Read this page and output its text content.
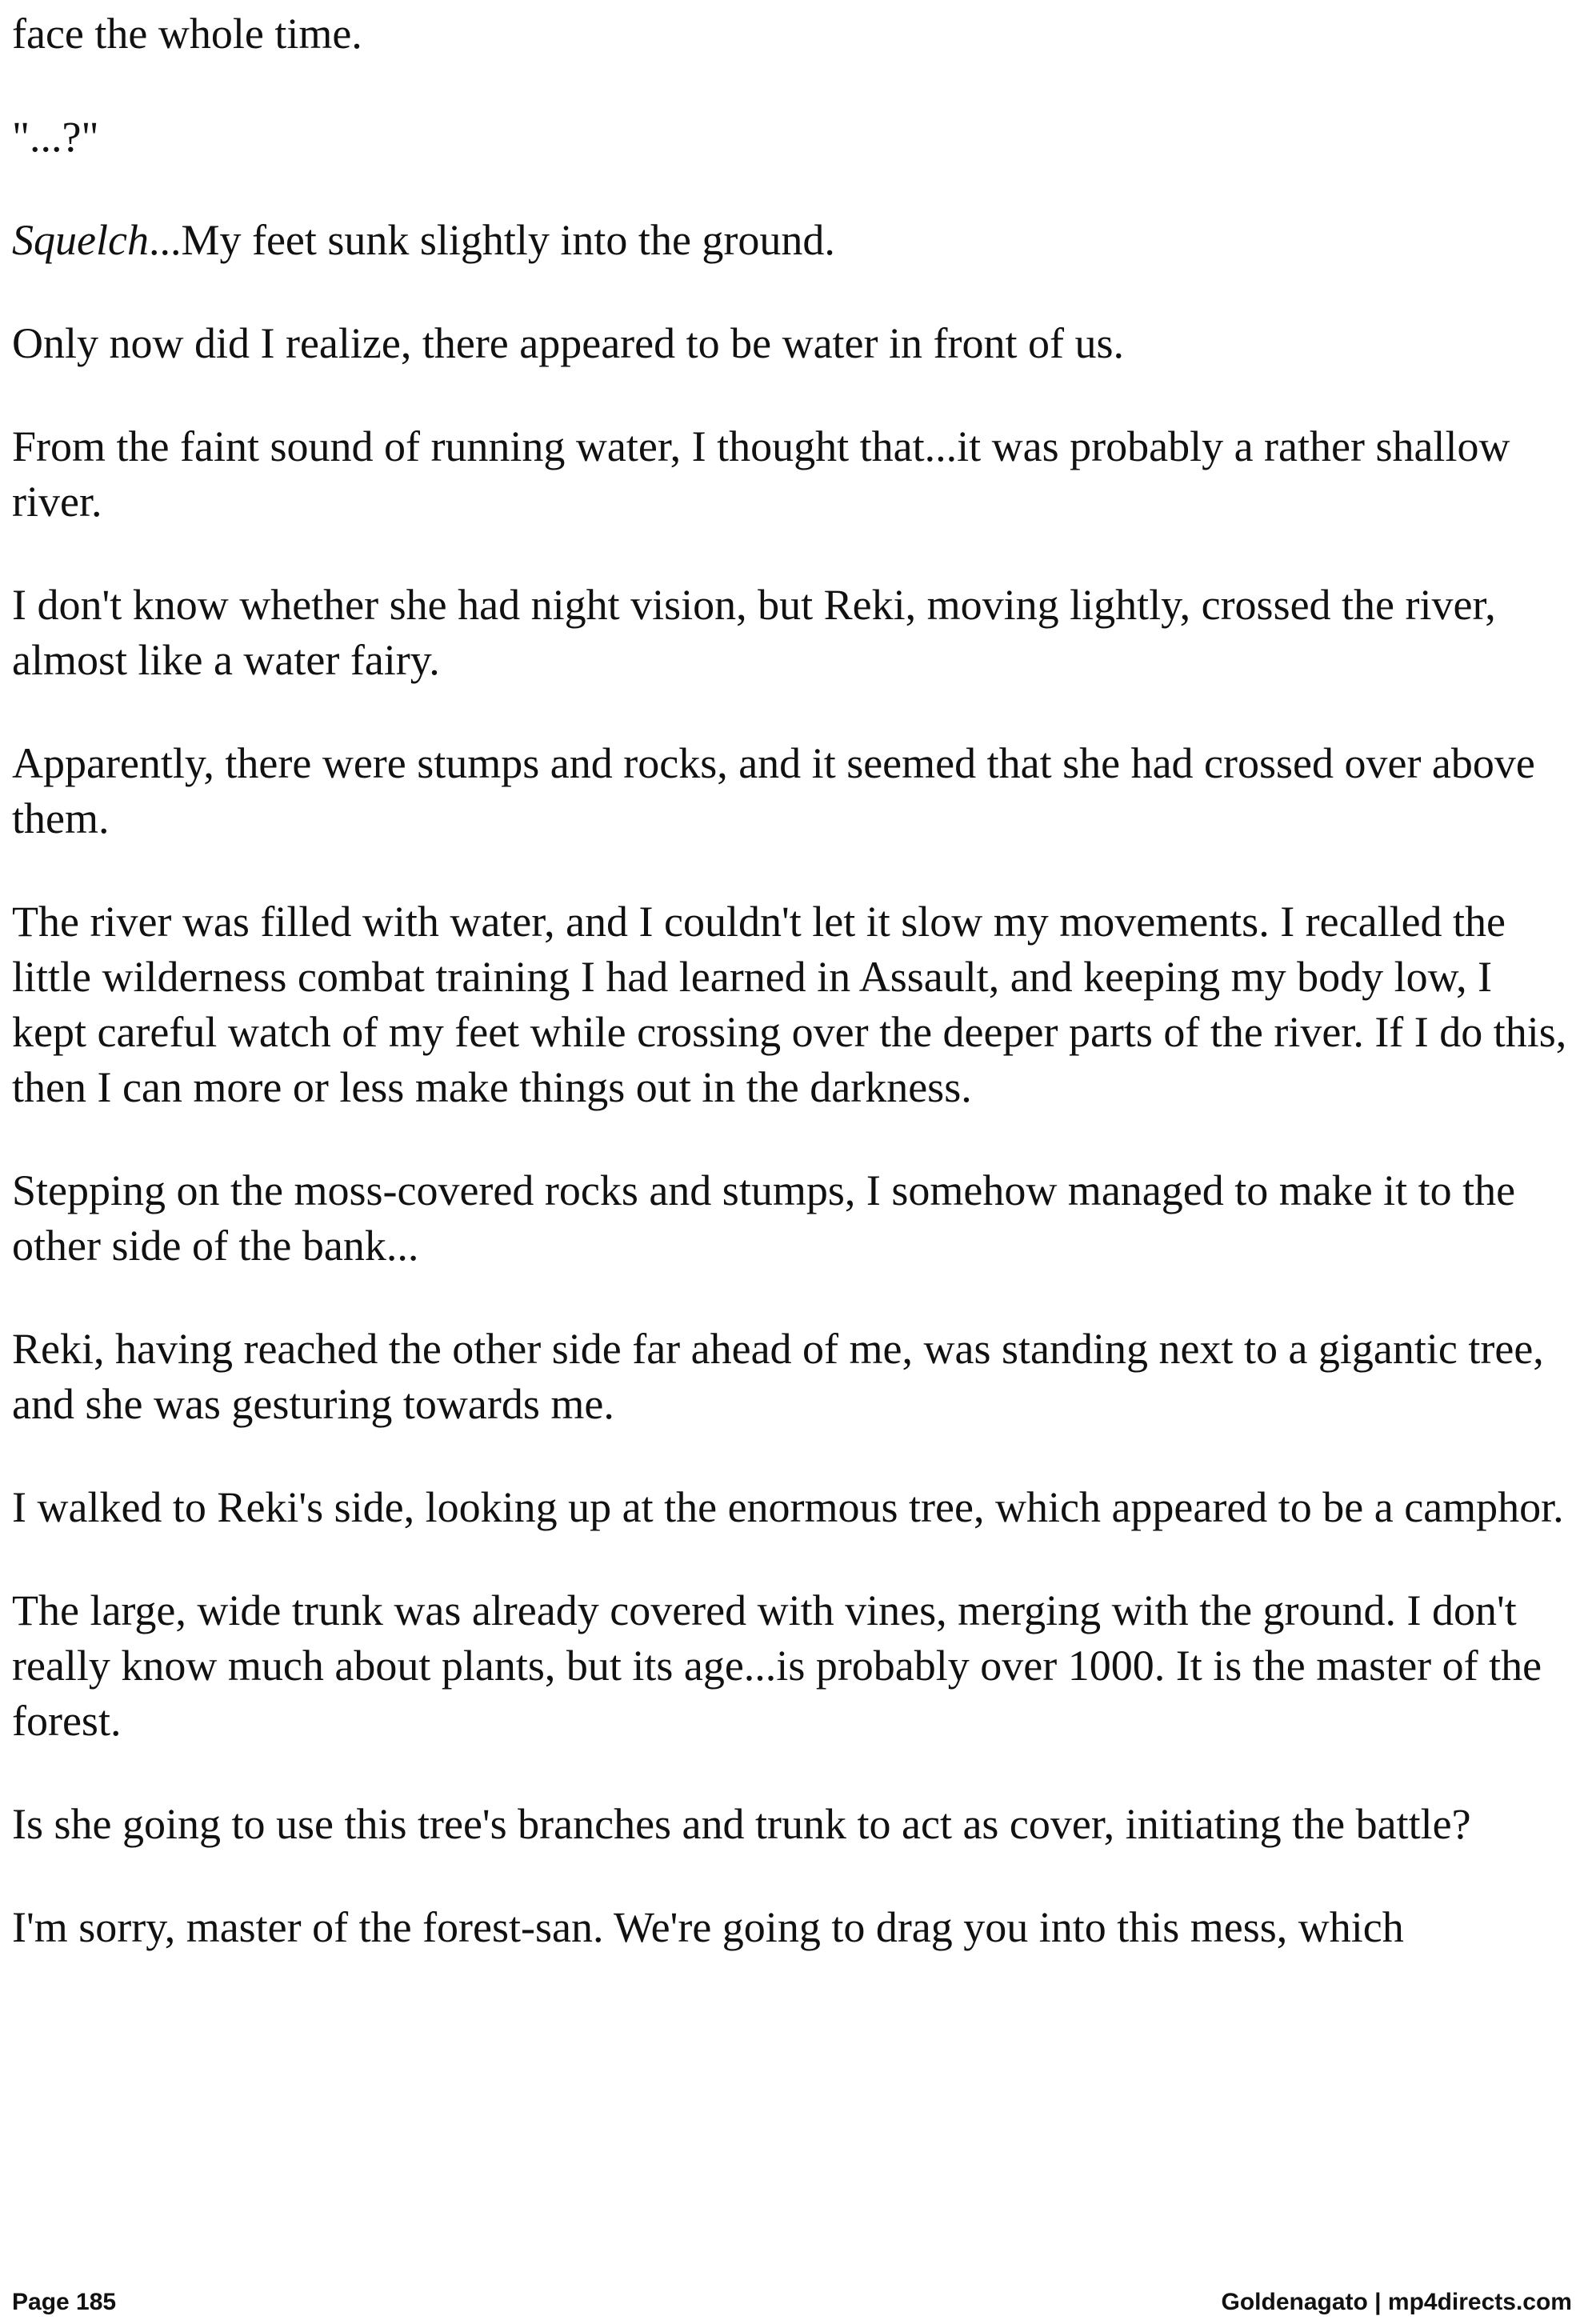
face the whole time.

"...?"

Squelch...My feet sunk slightly into the ground.

Only now did I realize, there appeared to be water in front of us.

From the faint sound of running water, I thought that...it was probably a rather shallow river.

I don't know whether she had night vision, but Reki, moving lightly, crossed the river, almost like a water fairy.

Apparently, there were stumps and rocks, and it seemed that she had crossed over above them.

The river was filled with water, and I couldn't let it slow my movements. I recalled the little wilderness combat training I had learned in Assault, and keeping my body low, I kept careful watch of my feet while crossing over the deeper parts of the river. If I do this, then I can more or less make things out in the darkness.

Stepping on the moss-covered rocks and stumps, I somehow managed to make it to the other side of the bank...

Reki, having reached the other side far ahead of me, was standing next to a gigantic tree, and she was gesturing towards me.

I walked to Reki's side, looking up at the enormous tree, which appeared to be a camphor.

The large, wide trunk was already covered with vines, merging with the ground. I don't really know much about plants, but its age...is probably over 1000. It is the master of the forest.

Is she going to use this tree's branches and trunk to act as cover, initiating the battle?

I'm sorry, master of the forest-san. We're going to drag you into this mess, which

Page 185	Goldenagato | mp4directs.com
